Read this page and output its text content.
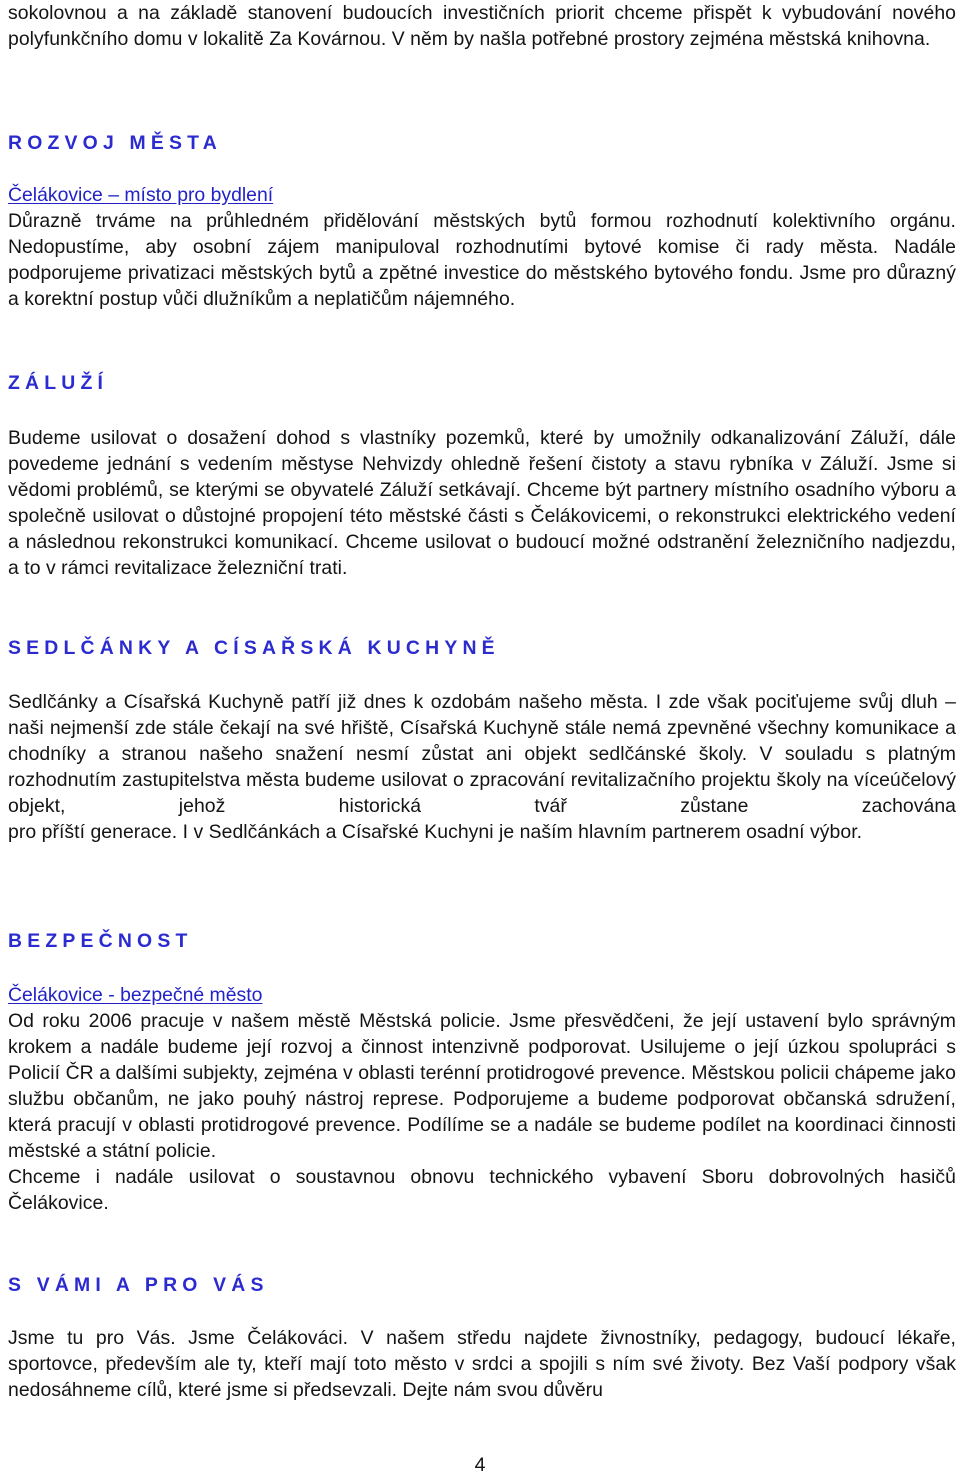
sokolovnou a na základě stanovení budoucích investičních priorit chceme přispět k vybudování nového polyfunkčního domu v lokalitě Za Kovárnou. V něm by našla potřebné prostory zejména městská knihovna.

ROZVOJ MĚSTA
Čelákovice – místo pro bydlení

Důrazně trváme na průhledném přidělování městských bytů formou rozhodnutí kolektivního orgánu. Nedopustíme, aby osobní zájem manipuloval rozhodnutími bytové komise či rady města. Nadále podporujeme privatizaci městských bytů a zpětné investice do městského bytového fondu. Jsme pro důrazný a korektní postup vůči dlužníkům a neplatičům nájemného.

ZÁLUŽÍ

Budeme usilovat o dosažení dohod s vlastníky pozemků, které by umožnily odkanalizování Záluží, dále povedeme jednání s vedením městyse Nehvizdy ohledně řešení čistoty a stavu rybníka v Záluží. Jsme si vědomi problémů, se kterými se obyvatelé Záluží setkávají. Chceme být partnery místního osadního výboru a společně usilovat o důstojné propojení této městské části s Čelákovicemi, o rekonstrukci elektrického vedení a následnou rekonstrukci komunikací. Chceme usilovat o budoucí možné odstranění železničního nadjezdu, a to v rámci revitalizace železniční trati.

SEDLČÁNKY A CÍSAŘSKÁ KUCHYNĚ

Sedlčánky a Císařská Kuchyně patří již dnes k ozdobám našeho města. I zde však pociťujeme svůj dluh – naši nejmenší zde stále čekají na své hřiště, Císařská Kuchyně stále nemá zpevněné všechny komunikace a chodníky a stranou našeho snažení nesmí zůstat ani objekt sedlčánské školy. V souladu s platným rozhodnutím zastupitelstva města budeme usilovat o zpracování revitalizačního projektu školy na víceúčelový objekt, jehož historická tvář zůstane zachována

pro příští generace. I v Sedlčánkách a Císařské Kuchyni je naším hlavním partnerem osadní výbor.

BEZPEČNOST
Čelákovice - bezpečné město

Od roku 2006 pracuje v našem městě Městská policie. Jsme přesvědčeni, že její ustavení bylo správným krokem a nadále budeme její rozvoj a činnost intenzivně podporovat. Usilujeme o její úzkou spolupráci s Policií ČR a dalšími subjekty, zejména v oblasti terénní protidrogové prevence. Městskou policii chápeme jako službu občanům, ne jako pouhý nástroj represe. Podporujeme a budeme podporovat občanská sdružení, která pracují v oblasti protidrogové prevence. Podílíme se a nadále se budeme podílet na koordinaci činnosti městské a státní policie.

Chceme i nadále usilovat o soustavnou obnovu technického vybavení Sboru dobrovolných hasičů Čelákovice.

S VÁMI A PRO VÁS

Jsme tu pro Vás. Jsme Čelákováci. V našem středu najdete živnostníky, pedagogy, budoucí lékaře, sportovce, především ale ty, kteří mají toto město v srdci a spojili s ním své životy. Bez Vaší podpory však nedosáhneme cílů, které jsme si předsevzali. Dejte nám svou důvěru

4
